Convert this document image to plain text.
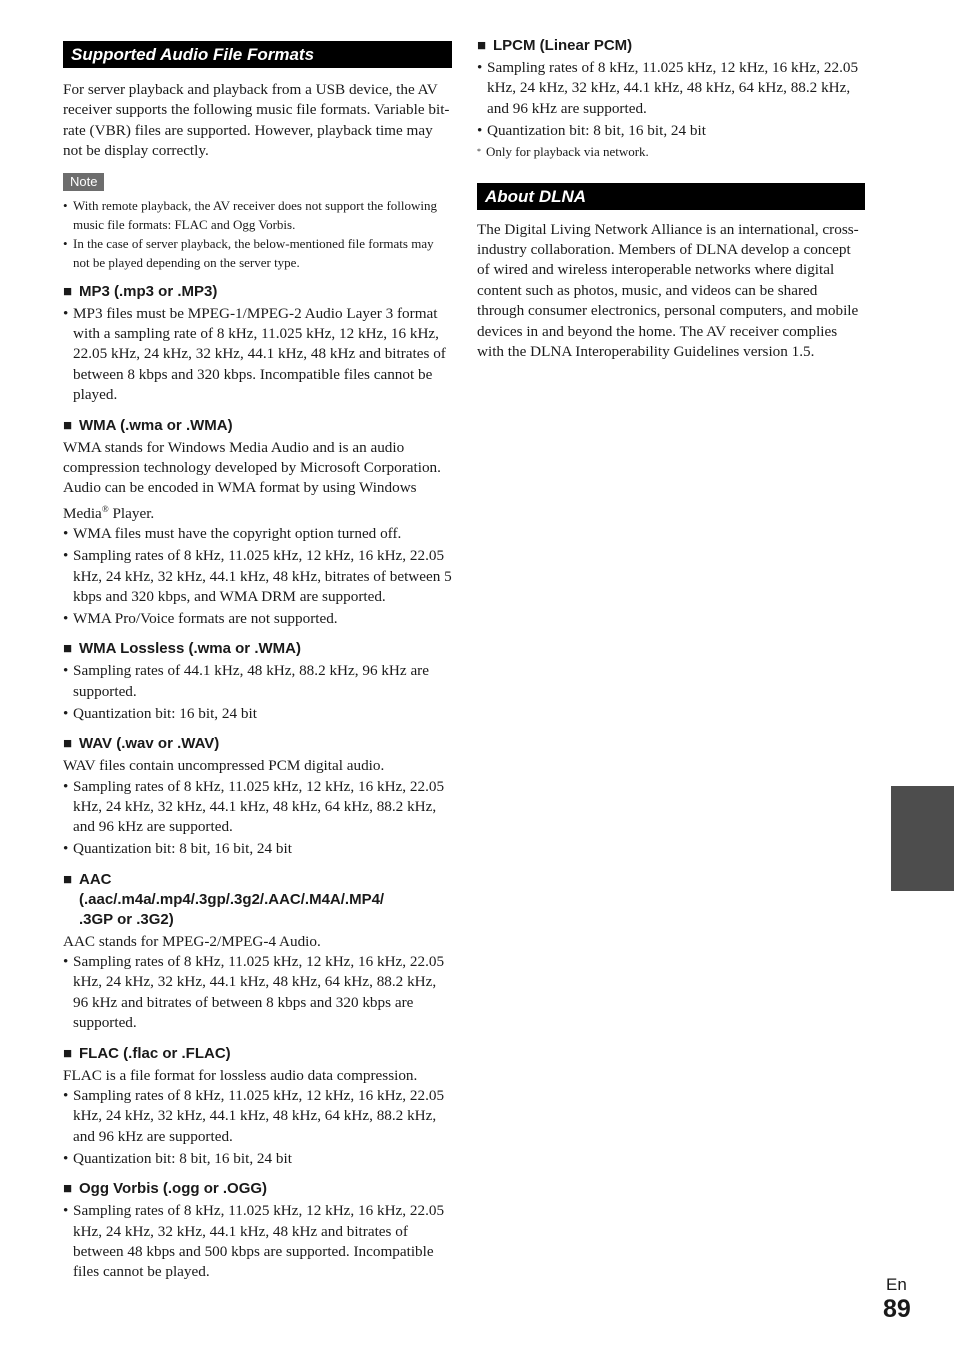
Supported Audio File Formats

For server playback and playback from a USB device, the AV receiver supports the following music file formats. Variable bit-rate (VBR) files are supported. However, playback time may not be display correctly.

Note
• With remote playback, the AV receiver does not support the following music file formats: FLAC and Ogg Vorbis.
• In the case of server playback, the below-mentioned file formats may not be played depending on the server type.
■ MP3 (.mp3 or .MP3)
• MP3 files must be MPEG-1/MPEG-2 Audio Layer 3 format with a sampling rate of 8 kHz, 11.025 kHz, 12 kHz, 16 kHz, 22.05 kHz, 24 kHz, 32 kHz, 44.1 kHz, 48 kHz and bitrates of between 8 kbps and 320 kbps. Incompatible files cannot be played.
■ WMA (.wma or .WMA)

WMA stands for Windows Media Audio and is an audio compression technology developed by Microsoft Corporation. Audio can be encoded in WMA format by using Windows Media® Player.

• WMA files must have the copyright option turned off.
• Sampling rates of 8 kHz, 11.025 kHz, 12 kHz, 16 kHz, 22.05 kHz, 24 kHz, 32 kHz, 44.1 kHz, 48 kHz, bitrates of between 5 kbps and 320 kbps, and WMA DRM are supported.
• WMA Pro/Voice formats are not supported.
■ WMA Lossless (.wma or .WMA)
• Sampling rates of 44.1 kHz, 48 kHz, 88.2 kHz, 96 kHz are supported.
• Quantization bit: 16 bit, 24 bit
■ WAV (.wav or .WAV)

WAV files contain uncompressed PCM digital audio.

• Sampling rates of 8 kHz, 11.025 kHz, 12 kHz, 16 kHz, 22.05 kHz, 24 kHz, 32 kHz, 44.1 kHz, 48 kHz, 64 kHz, 88.2 kHz, and 96 kHz are supported.
• Quantization bit: 8 bit, 16 bit, 24 bit
■ AAC
(.aac/.m4a/.mp4/.3gp/.3g2/.AAC/.M4A/.MP4/
.3GP or .3G2)

AAC stands for MPEG-2/MPEG-4 Audio.

• Sampling rates of 8 kHz, 11.025 kHz, 12 kHz, 16 kHz, 22.05 kHz, 24 kHz, 32 kHz, 44.1 kHz, 48 kHz, 64 kHz, 88.2 kHz, 96 kHz and bitrates of between 8 kbps and 320 kbps are supported.
■ FLAC (.flac or .FLAC)

FLAC is a file format for lossless audio data compression.

• Sampling rates of 8 kHz, 11.025 kHz, 12 kHz, 16 kHz, 22.05 kHz, 24 kHz, 32 kHz, 44.1 kHz, 48 kHz, 64 kHz, 88.2 kHz, and 96 kHz are supported.
• Quantization bit: 8 bit, 16 bit, 24 bit
■ Ogg Vorbis (.ogg or .OGG)
• Sampling rates of 8 kHz, 11.025 kHz, 12 kHz, 16 kHz, 22.05 kHz, 24 kHz, 32 kHz, 44.1 kHz, 48 kHz and bitrates of between 48 kbps and 500 kbps are supported. Incompatible files cannot be played.
■ LPCM (Linear PCM)
• Sampling rates of 8 kHz, 11.025 kHz, 12 kHz, 16 kHz, 22.05 kHz, 24 kHz, 32 kHz, 44.1 kHz, 48 kHz, 64 kHz, 88.2 kHz, and 96 kHz are supported.
• Quantization bit: 8 bit, 16 bit, 24 bit

* Only for playback via network.

About DLNA

The Digital Living Network Alliance is an international, cross-industry collaboration. Members of DLNA develop a concept of wired and wireless interoperable networks where digital content such as photos, music, and videos can be shared through consumer electronics, personal computers, and mobile devices in and beyond the home. The AV receiver complies with the DLNA Interoperability Guidelines version 1.5.

En
89
